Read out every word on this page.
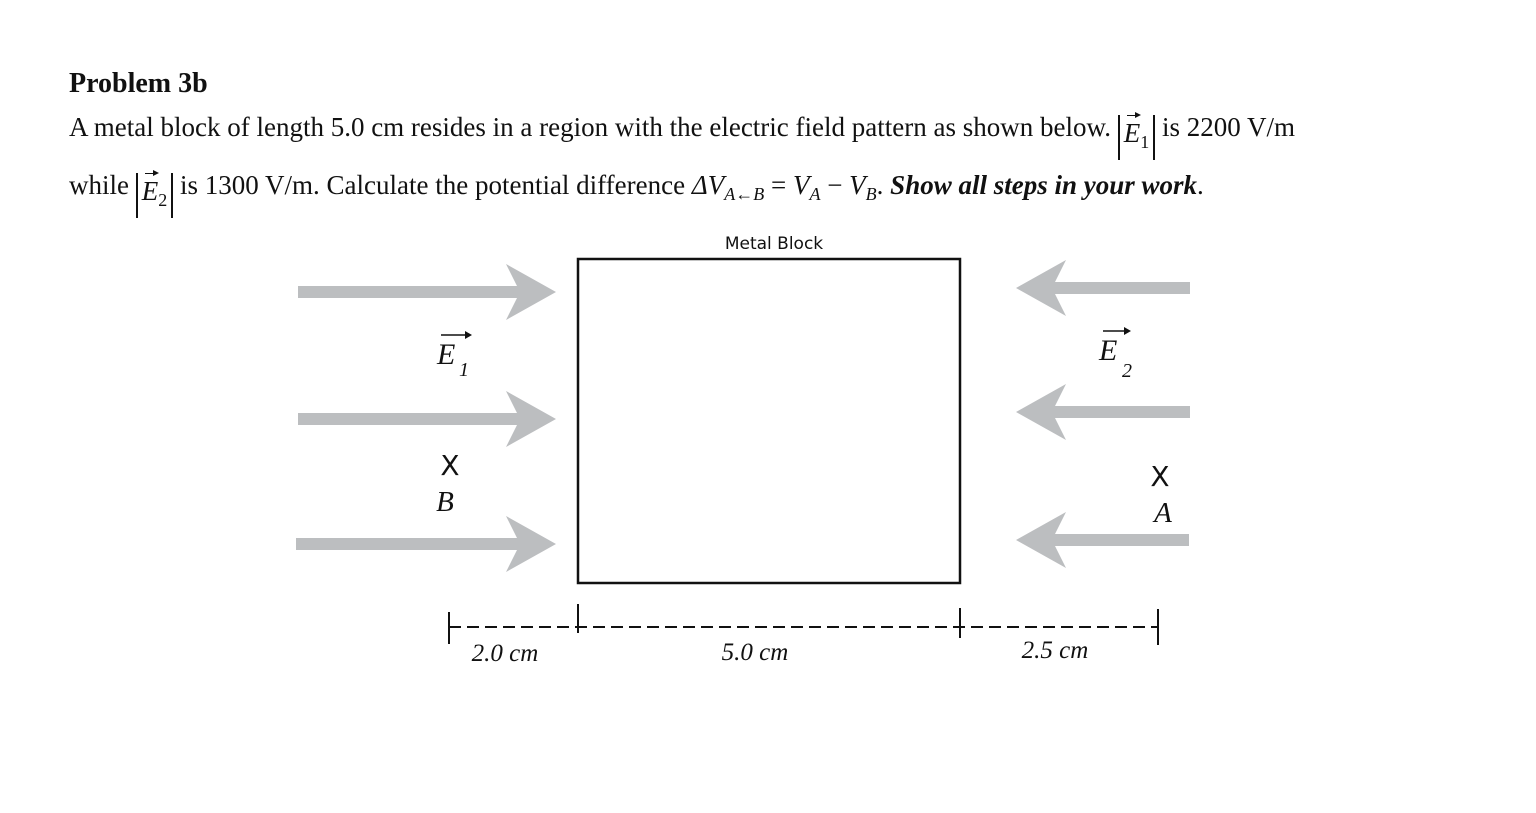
Problem 3b

A metal block of length 5.0 cm resides in a region with the electric field pattern as shown below. $E_1$ is 2200 V/m

while $E_2$ is 1300 V/m. Calculate the potential difference $\Delta V_{A\leftarrow B} = V_A - V_B$. Show all steps in your work.

Metal Block
E 1
E
2
X
B
X
A
2.0 cm	5.0 cm	2.5 cm
